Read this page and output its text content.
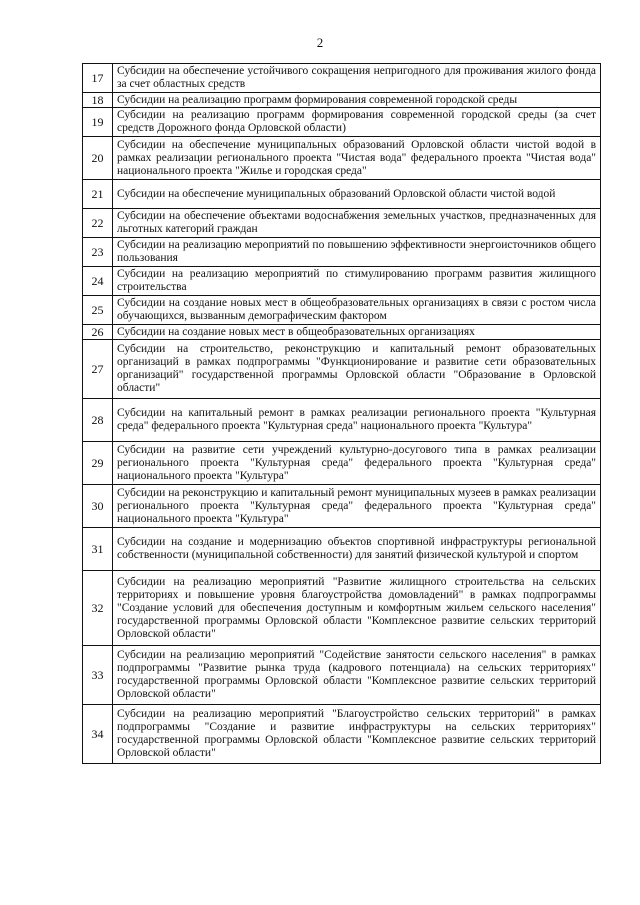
2
17	Субсидии на обеспечение устойчивого сокращения непригодного для проживания жилого фонда за счет областных средств
18	Субсидии на реализацию программ формирования современной городской среды
19	Субсидии на реализацию программ формирования современной городской среды (за счет средств Дорожного фонда Орловской области)
20	Субсидии на обеспечение муниципальных образований Орловской области чистой водой в рамках реализации регионального проекта "Чистая вода" федерального проекта "Чистая вода" национального проекта "Жилье и городская среда"
21	Субсидии на обеспечение муниципальных образований Орловской области чистой водой
22	Субсидии на обеспечение объектами водоснабжения земельных участков, предназначенных для льготных категорий граждан
23	Субсидии на реализацию мероприятий по повышению эффективности энергоисточников общего пользования
24	Субсидии на реализацию мероприятий по стимулированию программ развития жилищного строительства
25	Субсидии на создание новых мест в общеобразовательных организациях в связи с ростом числа обучающихся, вызванным демографическим фактором
26	Субсидии на создание новых мест в общеобразовательных организациях
27	Субсидии на строительство, реконструкцию и капитальный ремонт образовательных организаций в рамках подпрограммы "Функционирование и развитие сети образовательных организаций" государственной программы Орловской области "Образование в Орловской области"
28	Субсидии на капитальный ремонт в рамках реализации регионального проекта "Культурная среда" федерального проекта "Культурная среда" национального проекта "Культура"
29	Субсидии на развитие сети учреждений культурно-досугового типа в рамках реализации регионального проекта "Культурная среда" федерального проекта "Культурная среда" национального проекта "Культура"
30	Субсидии на реконструкцию и капитальный ремонт муниципальных музеев в рамках реализации регионального проекта "Культурная среда" федерального проекта "Культурная среда" национального проекта "Культура"
31	Субсидии на создание и модернизацию объектов спортивной инфраструктуры региональной собственности (муниципальной собственности) для занятий физической культурой и спортом
32	Субсидии на реализацию мероприятий "Развитие жилищного строительства на сельских территориях и повышение уровня благоустройства домовладений" в рамках подпрограммы "Создание условий для обеспечения доступным и комфортным жильем сельского населения" государственной программы Орловской области "Комплексное развитие сельских территорий Орловской области"
33	Субсидии на реализацию мероприятий "Содействие занятости сельского населения" в рамках подпрограммы "Развитие рынка труда (кадрового потенциала) на сельских территориях" государственной программы Орловской области "Комплексное развитие сельских территорий Орловской области"
34	Субсидии на реализацию мероприятий "Благоустройство сельских территорий" в рамках подпрограммы "Создание и развитие инфраструктуры на сельских территориях" государственной программы Орловской области "Комплексное развитие сельских территорий Орловской области"
